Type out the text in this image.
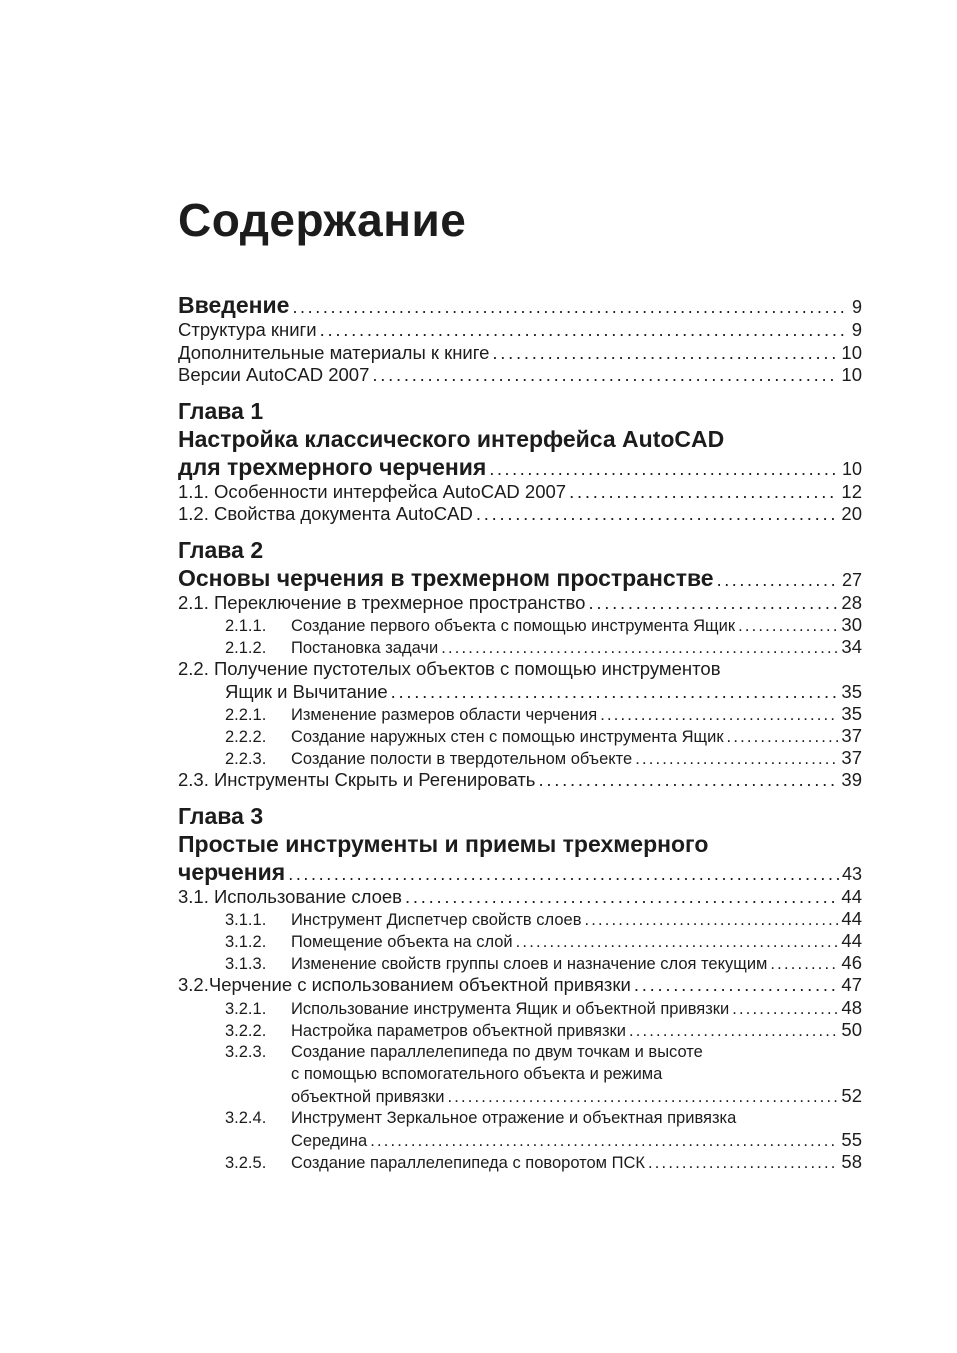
Содержание
Введение . . .	9
Структура книги . . .	9
Дополнительные материалы к книге . . .	10
Версии AutoCAD 2007 . . .	10
Глава 1
Настройка классического интерфейса AutoCAD
для трехмерного черчения . . .	10
1.1. Особенности интерфейса AutoCAD 2007 . . .	12
1.2. Свойства документа AutoCAD . . .	20
Глава 2
Основы черчения в трехмерном пространстве . . .	27
2.1. Переключение в трехмерное пространство . . .	28
2.1.1.	Создание первого объекта с помощью инструмента Ящик . . .	30
2.1.2.	Постановка задачи . . .	34
2.2. Получение пустотелых объектов с помощью инструментов
Ящик и Вычитание . . .	35
2.2.1.	Изменение размеров области черчения . . .	35
2.2.2.	Создание наружных стен с помощью инструмента Ящик . . .	37
2.2.3.	Создание полости в твердотельном объекте . . .	37
2.3. Инструменты Скрыть и Регенировать . . .	39
Глава 3
Простые инструменты и приемы трехмерного
черчения . . .	43
3.1. Использование слоев . . .	44
3.1.1.	Инструмент Диспетчер свойств слоев . . .	44
3.1.2.	Помещение объекта на слой . . .	44
3.1.3.	Изменение свойств группы слоев и назначение слоя текущим . . .	46
3.2.Черчение с использованием объектной привязки . . .	47
3.2.1.	Использование инструмента Ящик и объектной привязки . . .	48
3.2.2.	Настройка параметров объектной привязки . . .	50
3.2.3.	Создание параллелепипеда по двум точкам и высоте
с помощью вспомогательного объекта и режима
объектной привязки . . .	52
3.2.4.	Инструмент Зеркальное отражение и объектная привязка
Середина . . .	55
3.2.5.	Создание параллелепипеда с поворотом ПСК . . .	58
